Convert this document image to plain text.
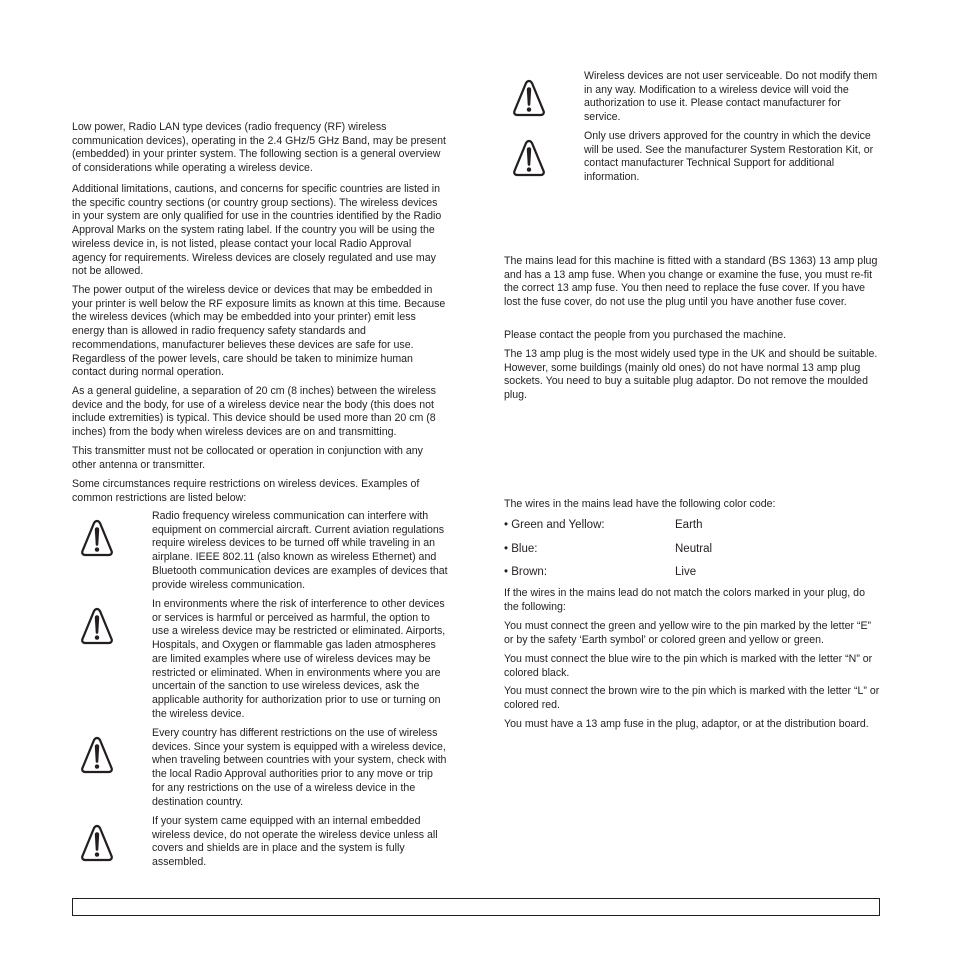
Low power, Radio LAN type devices (radio frequency (RF) wireless communication devices), operating in the 2.4 GHz/5 GHz Band, may be present (embedded) in your printer system. The following section is a general overview of considerations while operating a wireless device.

Additional limitations, cautions, and concerns for specific countries are listed in the specific country sections (or country group sections). The wireless devices in your system are only qualified for use in the countries identified by the Radio Approval Marks on the system rating label. If the country you will be using the wireless device in, is not listed, please contact your local Radio Approval agency for requirements. Wireless devices are closely regulated and use may not be allowed.

The power output of the wireless device or devices that may be embedded in your printer is well below the RF exposure limits as known at this time. Because the wireless devices (which may be embedded into your printer) emit less energy than is allowed in radio frequency safety standards and recommendations, manufacturer believes these devices are safe for use. Regardless of the power levels, care should be taken to minimize human contact during normal operation.

As a general guideline, a separation of 20 cm (8 inches) between the wireless device and the body, for use of a wireless device near the body (this does not include extremities) is typical. This device should be used more than 20 cm (8 inches) from the body when wireless devices are on and transmitting.

This transmitter must not be collocated or operation in conjunction with any other antenna or transmitter.

Some circumstances require restrictions on wireless devices. Examples of common restrictions are listed below:

Radio frequency wireless communication can interfere with equipment on commercial aircraft. Current aviation regulations require wireless devices to be turned off while traveling in an airplane. IEEE 802.11 (also known as wireless Ethernet) and Bluetooth communication devices are examples of devices that provide wireless communication.

In environments where the risk of interference to other devices or services is harmful or perceived as harmful, the option to use a wireless device may be restricted or eliminated. Airports, Hospitals, and Oxygen or flammable gas laden atmospheres are limited examples where use of wireless devices may be restricted or eliminated. When in environments where you are uncertain of the sanction to use wireless devices, ask the applicable authority for authorization prior to use or turning on the wireless device.

Every country has different restrictions on the use of wireless devices. Since your system is equipped with a wireless device, when traveling between countries with your system, check with the local Radio Approval authorities prior to any move or trip for any restrictions on the use of a wireless device in the destination country.

If your system came equipped with an internal embedded wireless device, do not operate the wireless device unless all covers and shields are in place and the system is fully assembled.

Wireless devices are not user serviceable. Do not modify them in any way. Modification to a wireless device will void the authorization to use it. Please contact manufacturer for service.

Only use drivers approved for the country in which the device will be used. See the manufacturer System Restoration Kit, or contact manufacturer Technical Support for additional information.

The mains lead for this machine is fitted with a standard (BS 1363) 13 amp plug and has a 13 amp fuse. When you change or examine the fuse, you must re-fit the correct 13 amp fuse. You then need to replace the fuse cover. If you have lost the fuse cover, do not use the plug until you have another fuse cover.

Please contact the people from you purchased the machine.

The 13 amp plug is the most widely used type in the UK and should be suitable. However, some buildings (mainly old ones) do not have normal 13 amp plug sockets. You need to buy a suitable plug adaptor. Do not remove the moulded plug.

The wires in the mains lead have the following color code:

• Green and Yellow:	Earth
• Blue:	Neutral
• Brown:	Live

If the wires in the mains lead do not match the colors marked in your plug, do the following:

You must connect the green and yellow wire to the pin marked by the letter “E” or by the safety ‘Earth symbol’ or colored green and yellow or green.

You must connect the blue wire to the pin which is marked with the letter “N” or colored black.

You must connect the brown wire to the pin which is marked with the letter “L” or colored red.

You must have a 13 amp fuse in the plug, adaptor, or at the distribution board.
